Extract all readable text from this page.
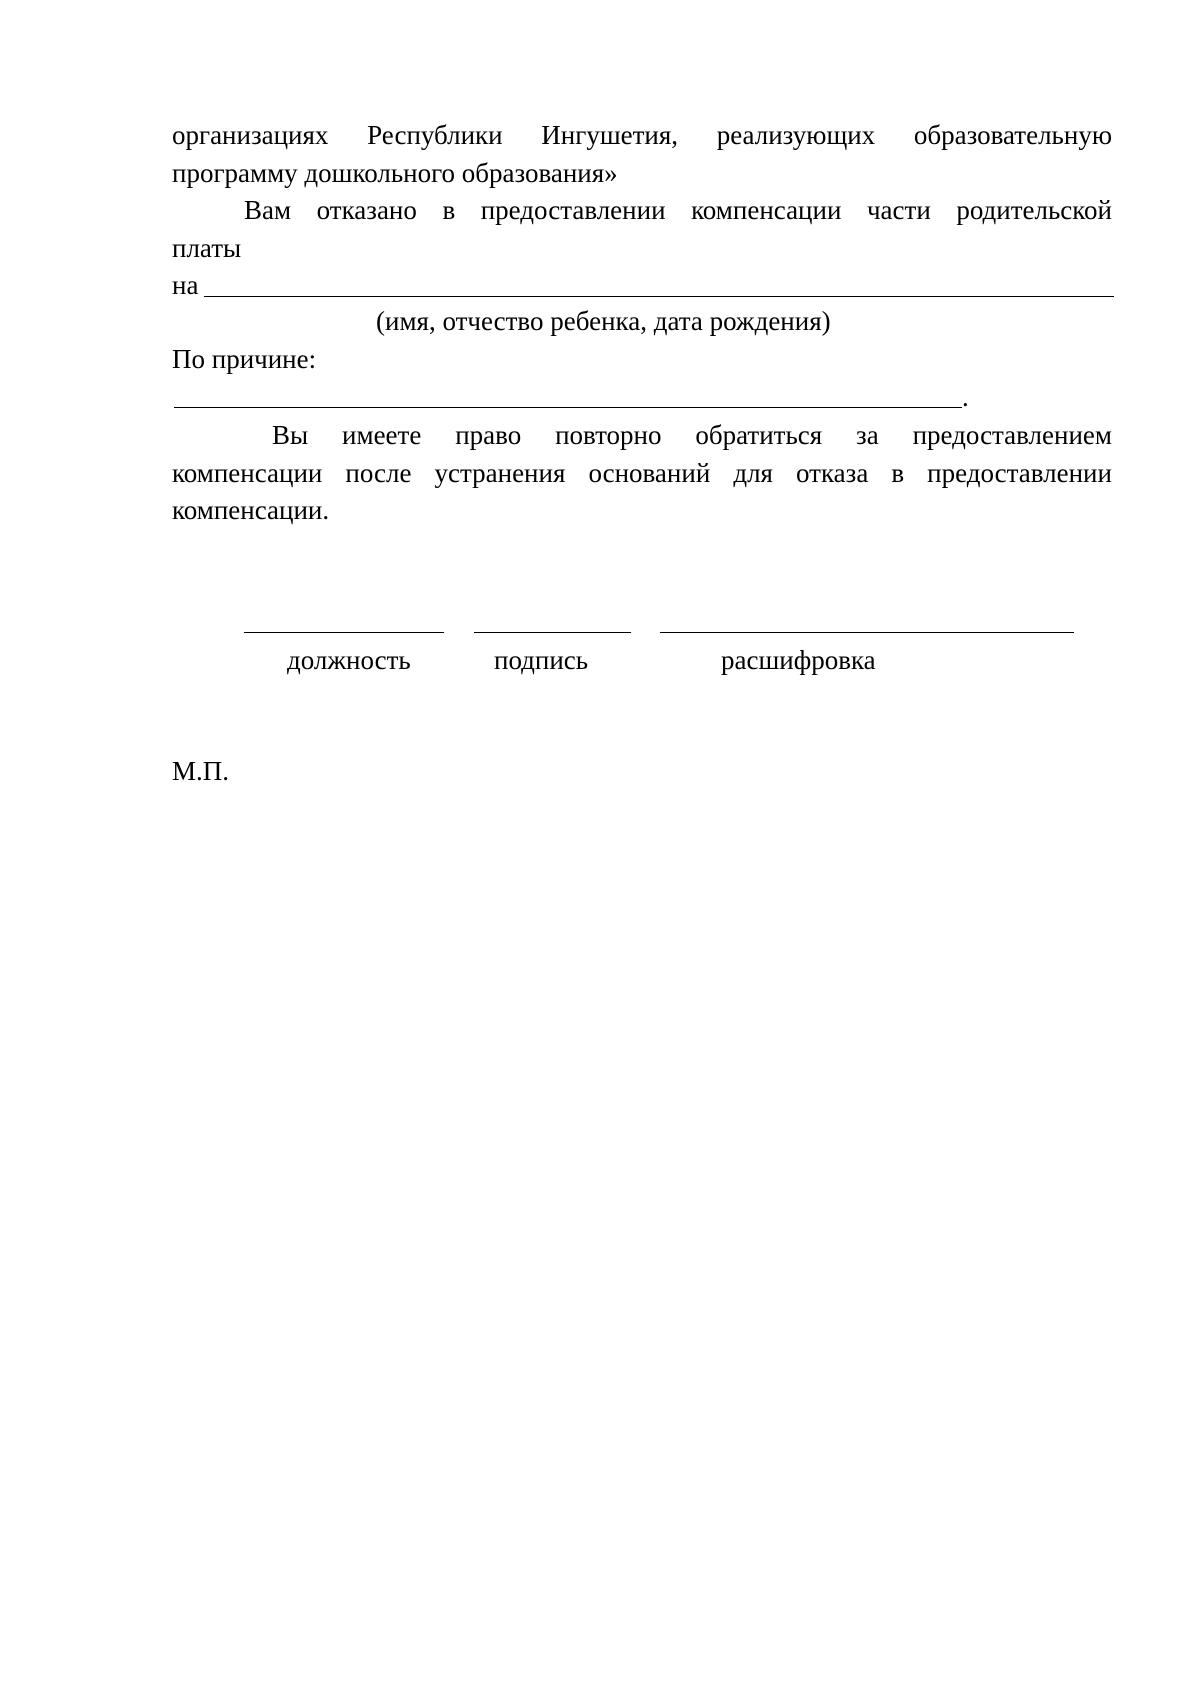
организациях Республики Ингушетия, реализующих образовательную
программу дошкольного образования»
Вам отказано в предоставлении компенсации части родительской
платы
на
(имя, отчество ребенка, дата рождения)
По причине:
.
Вы имеете право повторно обратиться за предоставлением
компенсации после устранения оснований для отказа в предоставлении
компенсации.
должность	подпись	расшифровка
М.П.
